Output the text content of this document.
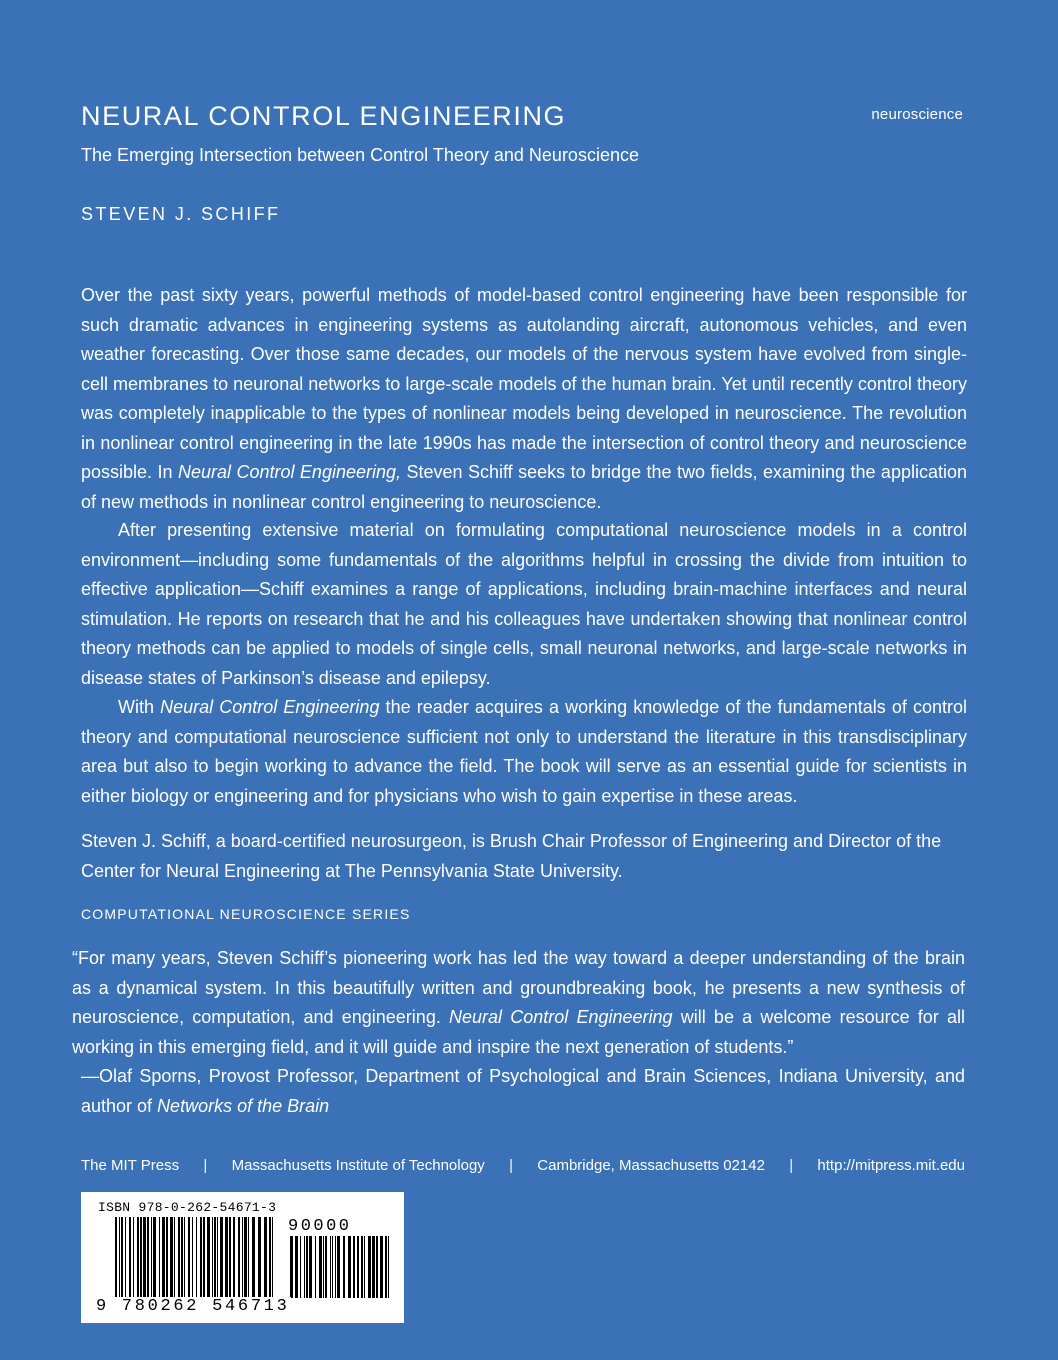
NEURAL CONTROL ENGINEERING	neuroscience
The Emerging Intersection between Control Theory and Neuroscience
STEVEN J. SCHIFF

Over the past sixty years, powerful methods of model-based control engineering have been responsible for such dramatic advances in engineering systems as autolanding aircraft, autonomous vehicles, and even weather forecasting. Over those same decades, our models of the nervous system have evolved from single-cell membranes to neuronal networks to large-scale models of the human brain. Yet until recently control theory was completely inapplicable to the types of nonlinear models being developed in neuroscience. The revolution in nonlinear control engineering in the late 1990s has made the intersection of control theory and neuroscience possible. In Neural Control Engineering, Steven Schiff seeks to bridge the two fields, examining the application of new methods in nonlinear control engineering to neuroscience.

After presenting extensive material on formulating computational neuroscience models in a control environment—including some fundamentals of the algorithms helpful in crossing the divide from intuition to effective application—Schiff examines a range of applications, including brain-machine interfaces and neural stimulation. He reports on research that he and his colleagues have undertaken showing that nonlinear control theory methods can be applied to models of single cells, small neuronal networks, and large-scale networks in disease states of Parkinson’s disease and epilepsy.

With Neural Control Engineering the reader acquires a working knowledge of the fundamentals of control theory and computational neuroscience sufficient not only to understand the literature in this transdisciplinary area but also to begin working to advance the field. The book will serve as an essential guide for scientists in either biology or engineering and for physicians who wish to gain expertise in these areas.

Steven J. Schiff, a board-certified neurosurgeon, is Brush Chair Professor of Engineering and Director of the Center for Neural Engineering at The Pennsylvania State University.

COMPUTATIONAL NEUROSCIENCE SERIES

“For many years, Steven Schiff’s pioneering work has led the way toward a deeper understanding of the brain as a dynamical system. In this beautifully written and groundbreaking book, he presents a new synthesis of neuroscience, computation, and engineering. Neural Control Engineering will be a welcome resource for all working in this emerging field, and it will guide and inspire the next generation of students.”
—Olaf Sporns, Provost Professor, Department of Psychological and Brain Sciences, Indiana University, and author of Networks of the Brain

The MIT Press | Massachusetts Institute of Technology | Cambridge, Massachusetts 02142 | http://mitpress.mit.edu
ISBN 978-0-262-54671-3
90000
9 780262 546713
